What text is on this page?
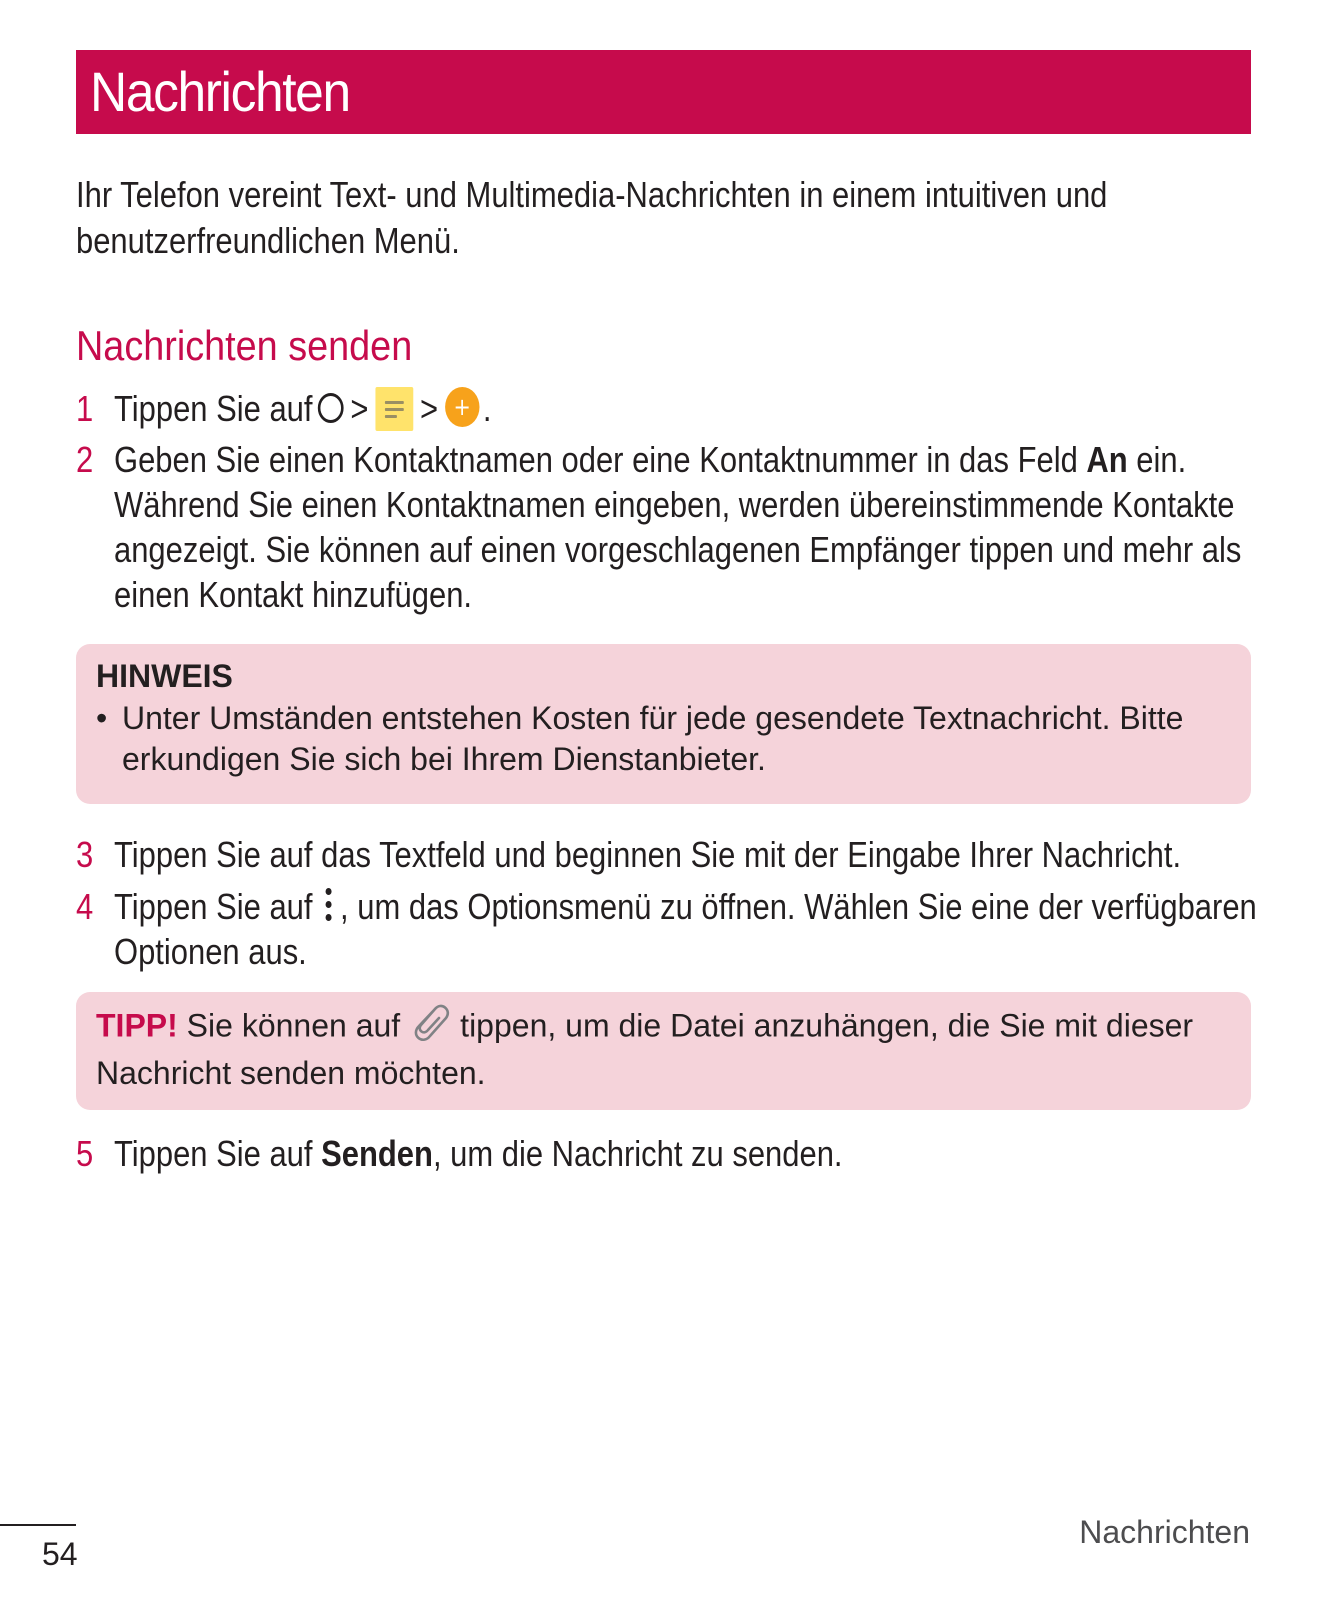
Nachrichten
Ihr Telefon vereint Text- und Multimedia-Nachrichten in einem intuitiven und
benutzerfreundlichen Menü.
Nachrichten senden
1 Tippen Sie auf > > + .
2 Geben Sie einen Kontaktnamen oder eine Kontaktnummer in das Feld An ein.
Während Sie einen Kontaktnamen eingeben, werden übereinstimmende Kontakte
angezeigt. Sie können auf einen vorgeschlagenen Empfänger tippen und mehr als
einen Kontakt hinzufügen.
HINWEIS
• Unter Umständen entstehen Kosten für jede gesendete Textnachricht. Bitte
erkundigen Sie sich bei Ihrem Dienstanbieter.
3 Tippen Sie auf das Textfeld und beginnen Sie mit der Eingabe Ihrer Nachricht.
4 Tippen Sie auf , um das Optionsmenü zu öffnen. Wählen Sie eine der verfügbaren
Optionen aus.
TIPP! Sie können auf tippen, um die Datei anzuhängen, die Sie mit dieser
Nachricht senden möchten.
5 Tippen Sie auf Senden, um die Nachricht zu senden.
54
Nachrichten
